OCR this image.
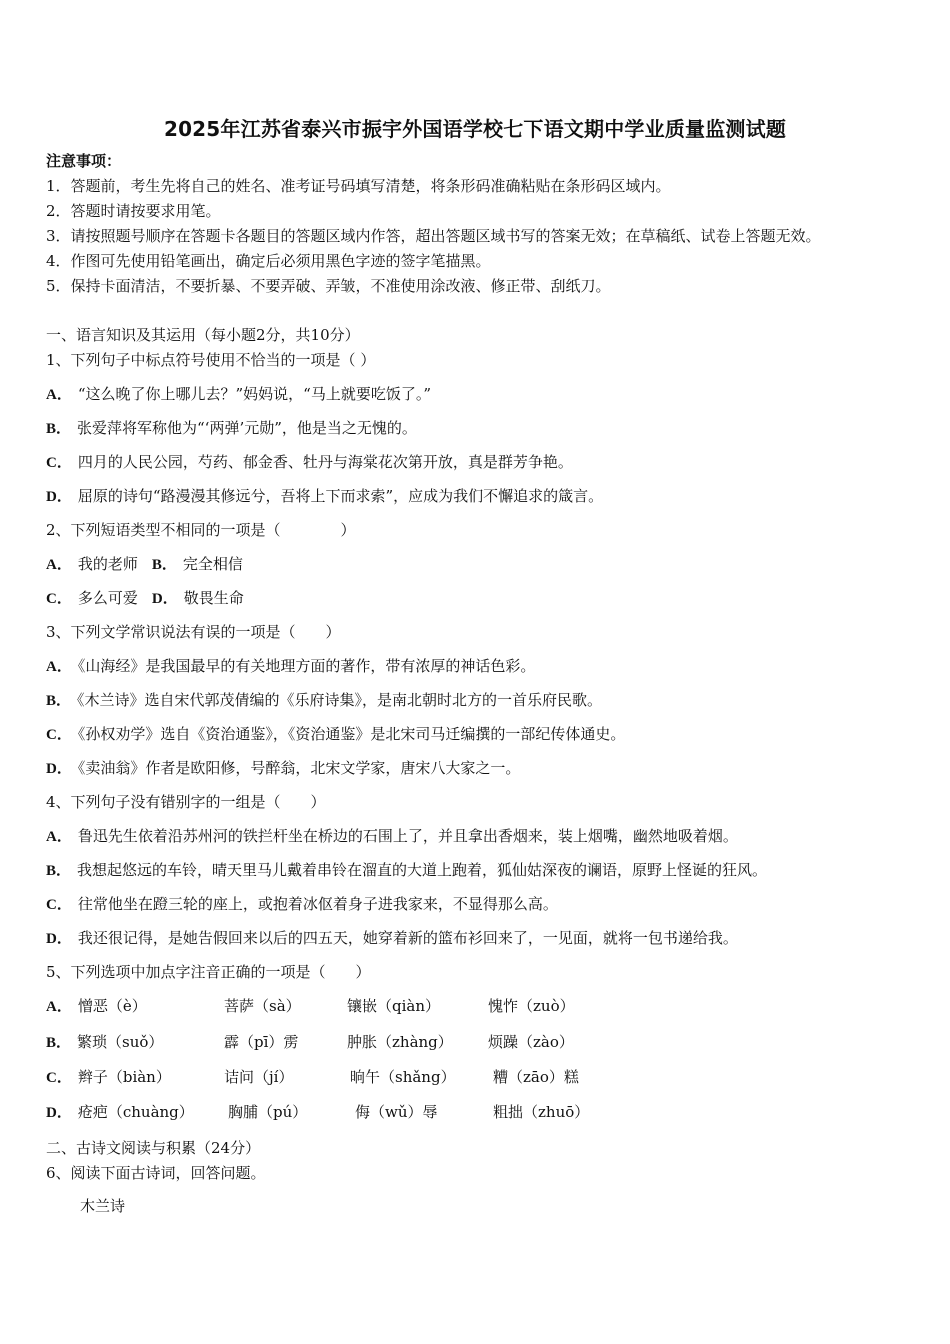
2025年江苏省泰兴市振宇外国语学校七下语文期中学业质量监测试题
注意事项：
1．答题前，考生先将自己的姓名、准考证号码填写清楚，将条形码准确粘贴在条形码区域内。
2．答题时请按要求用笔。
3．请按照题号顺序在答题卡各题目的答题区域内作答，超出答题区域书写的答案无效；在草稿纸、试卷上答题无效。
4．作图可先使用铅笔画出，确定后必须用黑色字迹的签字笔描黑。
5．保持卡面清洁，不要折暴、不要弄破、弄皱，不准使用涂改液、修正带、刮纸刀。
一、语言知识及其运用（每小题2分，共10分）
1、下列句子中标点符号使用不恰当的一项是（ ）
A． “这么晚了你上哪儿去？”妈妈说，“马上就要吃饭了。”
B． 张爱萍将军称他为“‘两弹’元勋”，他是当之无愧的。
C． 四月的人民公园，芍药、郁金香、牡丹与海棠花次第开放，真是群芳争艳。
D． 屈原的诗句“路漫漫其修远兮，吾将上下而求索”，应成为我们不懈追求的箴言。
2、下列短语类型不相同的一项是（　　　　）
A． 我的老师 B． 完全相信
C． 多么可爱 D． 敬畏生命
3、下列文学常识说法有误的一项是（　　）
A． 《山海经》是我国最早的有关地理方面的著作，带有浓厚的神话色彩。
B． 《木兰诗》选自宋代郭茂倩编的《乐府诗集》，是南北朝时北方的一首乐府民歌。
C． 《孙权劝学》选自《资治通鉴》，《资治通鉴》是北宋司马迁编撰的一部纪传体通史。
D． 《卖油翁》作者是欧阳修，号醉翁，北宋文学家，唐宋八大家之一。
4、下列句子没有错别字的一组是（　　）
A． 鲁迅先生依着沿苏州河的铁拦杆坐在桥边的石围上了，并且拿出香烟来，装上烟嘴，幽然地吸着烟。
B． 我想起悠远的车铃，晴天里马儿戴着串铃在溜直的大道上跑着，狐仙姑深夜的谰语，原野上怪诞的狂风。
C． 往常他坐在蹬三轮的座上，或抱着冰伛着身子进我家来，不显得那么高。
D． 我还很记得，是她告假回来以后的四五天，她穿着新的篮布衫回来了，一见面，就将一包书递给我。
5、下列选项中加点字注音正确的一项是（　　）
A． 憎恶（è）	菩萨（sà）	镶嵌（qiàn）	愧怍（zuò）
B． 繁琐（suǒ）	霹（pī）雳	肿胀（zhàng） 烦躁（zào）
C． 辫子（biàn）	诘问（jí）	晌午（shǎng） 糟（zāo）糕
D． 疮疤（chuàng） 胸脯（pú）	侮（wǔ）辱	粗拙（zhuō）
二、古诗文阅读与积累（24分）
6、阅读下面古诗词，回答问题。
木兰诗
